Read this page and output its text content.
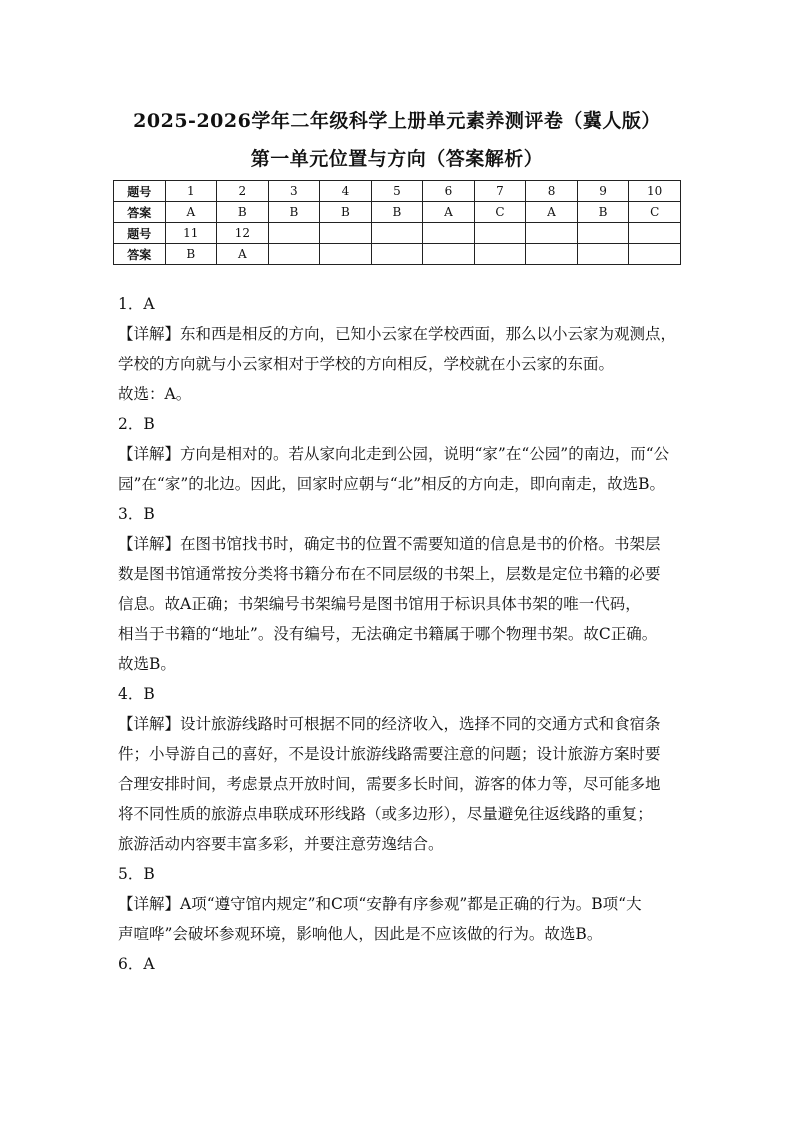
2025-2026学年二年级科学上册单元素养测评卷（冀人版）
第一单元位置与方向（答案解析）
题号	1	2	3	4	5	6	7	8	9	10
答案	A	B	B	B	B	A	C	A	B	C
题号	11	12								
答案	B	A								

1．A

【详解】东和西是相反的方向，已知小云家在学校西面，那么以小云家为观测点，

学校的方向就与小云家相对于学校的方向相反，学校就在小云家的东面。

故选：A。

2．B

【详解】方向是相对的。若从家向北走到公园，说明“家”在“公园”的南边，而“公

园”在“家”的北边。因此，回家时应朝与“北”相反的方向走，即向南走，故选B。

3．B

【详解】在图书馆找书时，确定书的位置不需要知道的信息是书的价格。书架层

数是图书馆通常按分类将书籍分布在不同层级的书架上，层数是定位书籍的必要

信息。故A正确；书架编号书架编号是图书馆用于标识具体书架的唯一代码，

相当于书籍的“地址”。没有编号，无法确定书籍属于哪个物理书架。故C正确。

故选B。

4．B

【详解】设计旅游线路时可根据不同的经济收入，选择不同的交通方式和食宿条

件；小导游自己的喜好，不是设计旅游线路需要注意的问题；设计旅游方案时要

合理安排时间，考虑景点开放时间，需要多长时间，游客的体力等，尽可能多地

将不同性质的旅游点串联成环形线路（或多边形），尽量避免往返线路的重复；

旅游活动内容要丰富多彩，并要注意劳逸结合。

5．B

【详解】A项“遵守馆内规定”和C项“安静有序参观”都是正确的行为。B项“大

声喧哗”会破坏参观环境，影响他人，因此是不应该做的行为。故选B。

6．A
